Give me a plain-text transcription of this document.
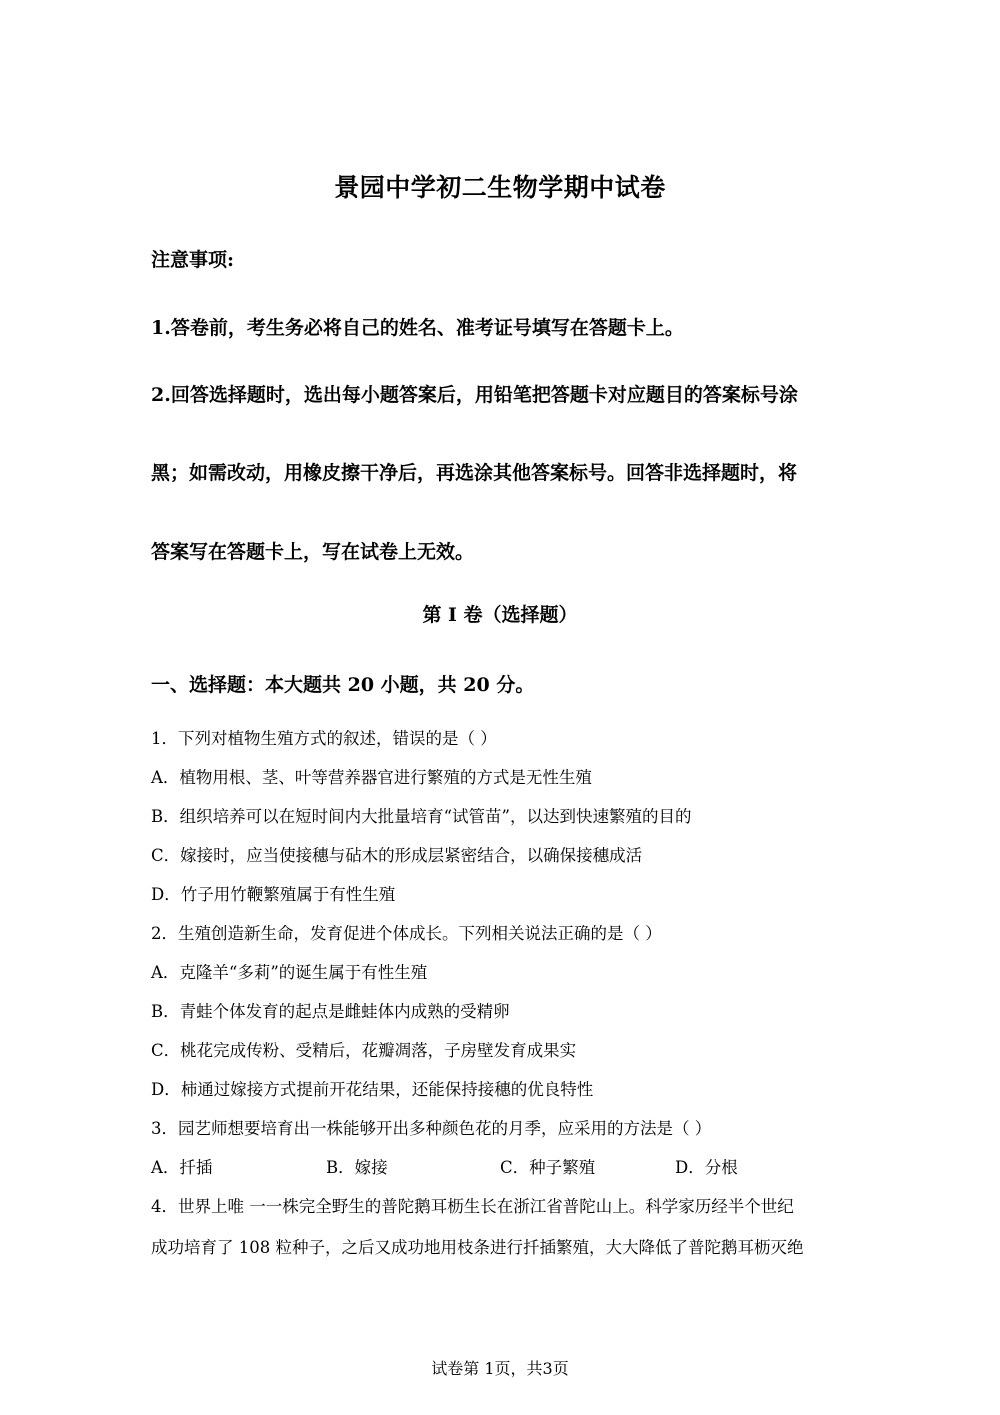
景园中学初二生物学期中试卷
注意事项:
1.答卷前，考生务必将自己的姓名、准考证号填写在答题卡上。
2.回答选择题时，选出每小题答案后，用铅笔把答题卡对应题目的答案标号涂
黑；如需改动，用橡皮擦干净后，再选涂其他答案标号。回答非选择题时，将
答案写在答题卡上，写在试卷上无效。
第 I 卷（选择题）
一、选择题：本大题共 20 小题，共 20 分。
1．下列对植物生殖方式的叙述，错误的是（ ）
A．植物用根、茎、叶等营养器官进行繁殖的方式是无性生殖
B．组织培养可以在短时间内大批量培育“试管苗”，以达到快速繁殖的目的
C．嫁接时，应当使接穗与砧木的形成层紧密结合，以确保接穗成活
D．竹子用竹鞭繁殖属于有性生殖
2．生殖创造新生命，发育促进个体成长。下列相关说法正确的是（ ）
A．克隆羊“多莉”的诞生属于有性生殖
B．青蛙个体发育的起点是雌蛙体内成熟的受精卵
C．桃花完成传粉、受精后，花瓣凋落，子房壁发育成果实
D．柿通过嫁接方式提前开花结果，还能保持接穗的优良特性
3．园艺师想要培育出一株能够开出多种颜色花的月季，应采用的方法是（ ）
A．扦插	B．嫁接	C．种子繁殖	D．分根
4．世界上唯 一一株完全野生的普陀鹅耳枥生长在浙江省普陀山上。科学家历经半个世纪
成功培育了 108 粒种子，之后又成功地用枝条进行扦插繁殖，大大降低了普陀鹅耳枥灭绝
试卷第 1页，共3页
